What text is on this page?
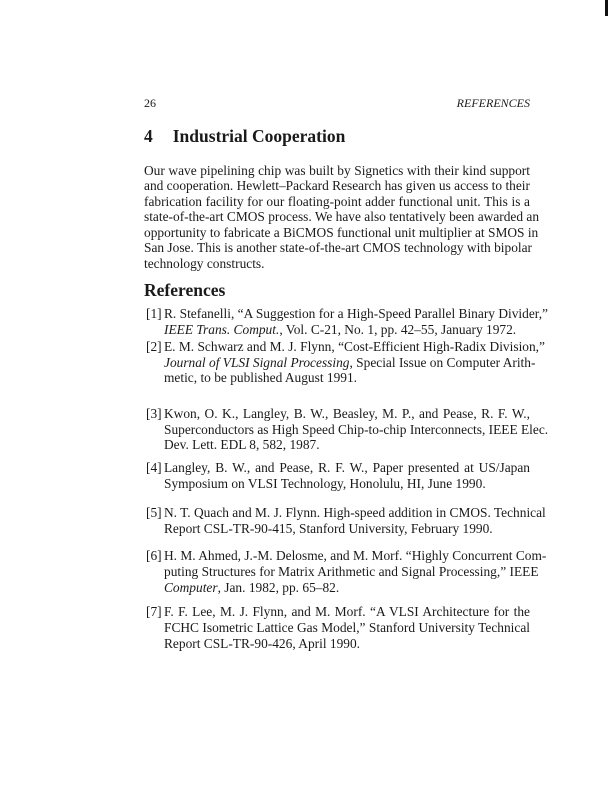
26	REFERENCES
4 Industrial Cooperation
Our wave pipelining chip was built by Signetics with their kind support
and cooperation. Hewlett–Packard Research has given us access to their
fabrication facility for our floating-point adder functional unit. This is a
state-of-the-art CMOS process. We have also tentatively been awarded an
opportunity to fabricate a BiCMOS functional unit multiplier at SMOS in
San Jose. This is another state-of-the-art CMOS technology with bipolar
technology constructs.
References
[1] R. Stefanelli, “A Suggestion for a High-Speed Parallel Binary Divider,”
IEEE Trans. Comput., Vol. C-21, No. 1, pp. 42–55, January 1972.
[2] E. M. Schwarz and M. J. Flynn, “Cost-Efficient High-Radix Division,”
Journal of VLSI Signal Processing, Special Issue on Computer Arith-
metic, to be published August 1991.
[3] Kwon, O. K., Langley, B. W., Beasley, M. P., and Pease, R. F. W.,
Superconductors as High Speed Chip-to-chip Interconnects, IEEE Elec.
Dev. Lett. EDL 8, 582, 1987.
[4] Langley, B. W., and Pease, R. F. W., Paper presented at US/Japan
Symposium on VLSI Technology, Honolulu, HI, June 1990.
[5] N. T. Quach and M. J. Flynn. High-speed addition in CMOS. Technical
Report CSL-TR-90-415, Stanford University, February 1990.
[6] H. M. Ahmed, J.-M. Delosme, and M. Morf. “Highly Concurrent Com-
puting Structures for Matrix Arithmetic and Signal Processing,” IEEE
Computer, Jan. 1982, pp. 65–82.
[7] F. F. Lee, M. J. Flynn, and M. Morf. “A VLSI Architecture for the
FCHC Isometric Lattice Gas Model,” Stanford University Technical
Report CSL-TR-90-426, April 1990.
